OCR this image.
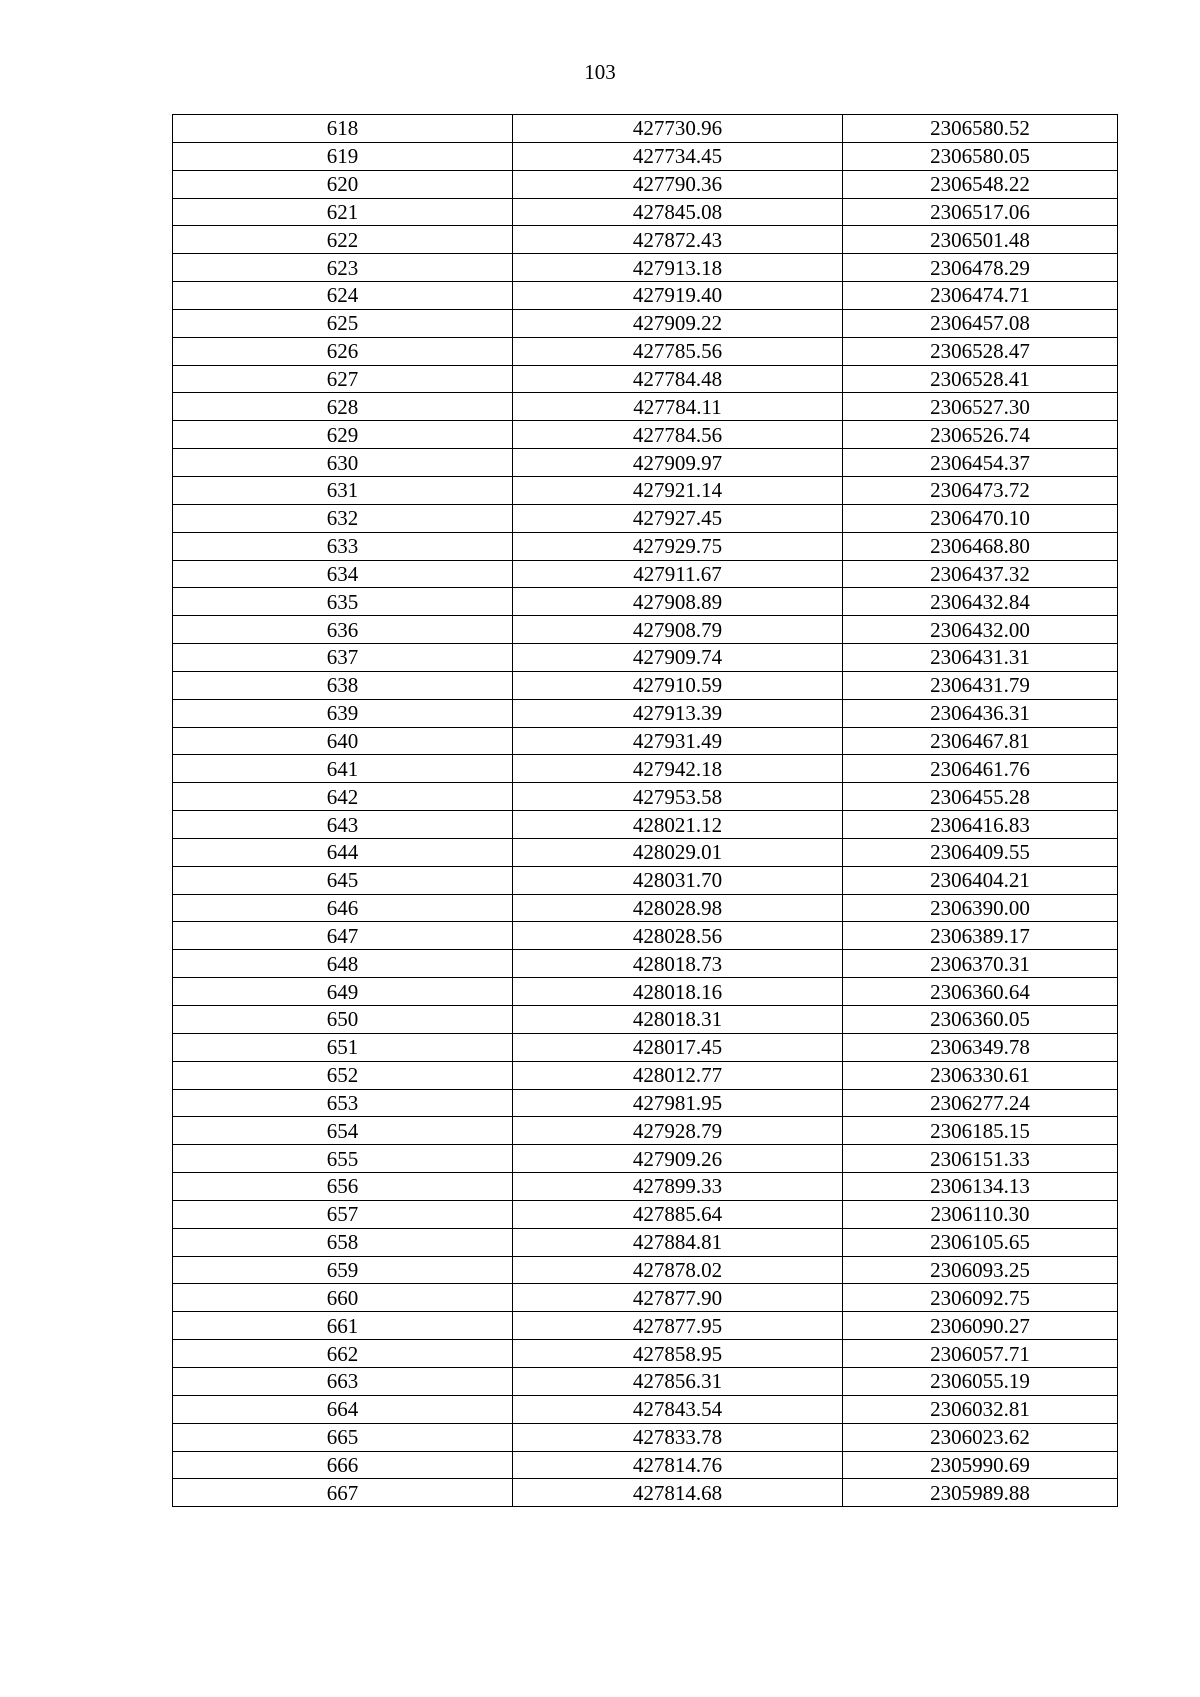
103
618	427730.96	2306580.52
619	427734.45	2306580.05
620	427790.36	2306548.22
621	427845.08	2306517.06
622	427872.43	2306501.48
623	427913.18	2306478.29
624	427919.40	2306474.71
625	427909.22	2306457.08
626	427785.56	2306528.47
627	427784.48	2306528.41
628	427784.11	2306527.30
629	427784.56	2306526.74
630	427909.97	2306454.37
631	427921.14	2306473.72
632	427927.45	2306470.10
633	427929.75	2306468.80
634	427911.67	2306437.32
635	427908.89	2306432.84
636	427908.79	2306432.00
637	427909.74	2306431.31
638	427910.59	2306431.79
639	427913.39	2306436.31
640	427931.49	2306467.81
641	427942.18	2306461.76
642	427953.58	2306455.28
643	428021.12	2306416.83
644	428029.01	2306409.55
645	428031.70	2306404.21
646	428028.98	2306390.00
647	428028.56	2306389.17
648	428018.73	2306370.31
649	428018.16	2306360.64
650	428018.31	2306360.05
651	428017.45	2306349.78
652	428012.77	2306330.61
653	427981.95	2306277.24
654	427928.79	2306185.15
655	427909.26	2306151.33
656	427899.33	2306134.13
657	427885.64	2306110.30
658	427884.81	2306105.65
659	427878.02	2306093.25
660	427877.90	2306092.75
661	427877.95	2306090.27
662	427858.95	2306057.71
663	427856.31	2306055.19
664	427843.54	2306032.81
665	427833.78	2306023.62
666	427814.76	2305990.69
667	427814.68	2305989.88
